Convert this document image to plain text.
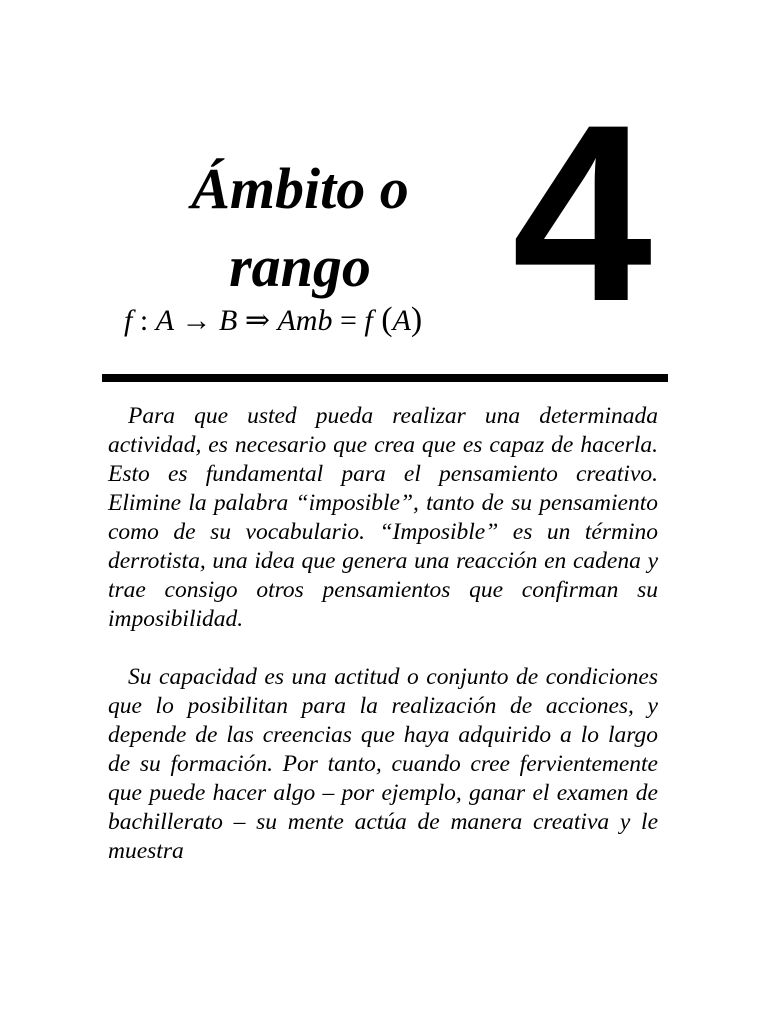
Ámbito o
rango 4
f : A → B ⇒ Amb = f (A)

Para que usted pueda realizar una determinada actividad, es necesario que crea que es capaz de hacerla. Esto es fundamental para el pensamiento creativo. Elimine la palabra “imposible”, tanto de su pensamiento como de su vocabulario. “Imposible” es un término derrotista, una idea que genera una reacción en cadena y trae consigo otros pensamientos que confirman su imposibilidad.

Su capacidad es una actitud o conjunto de condiciones que lo posibilitan para la realización de acciones, y depende de las creencias que haya adquirido a lo largo de su formación. Por tanto, cuando cree fervientemente que puede hacer algo – por ejemplo, ganar el examen de bachillerato – su mente actúa de manera creativa y le muestra
